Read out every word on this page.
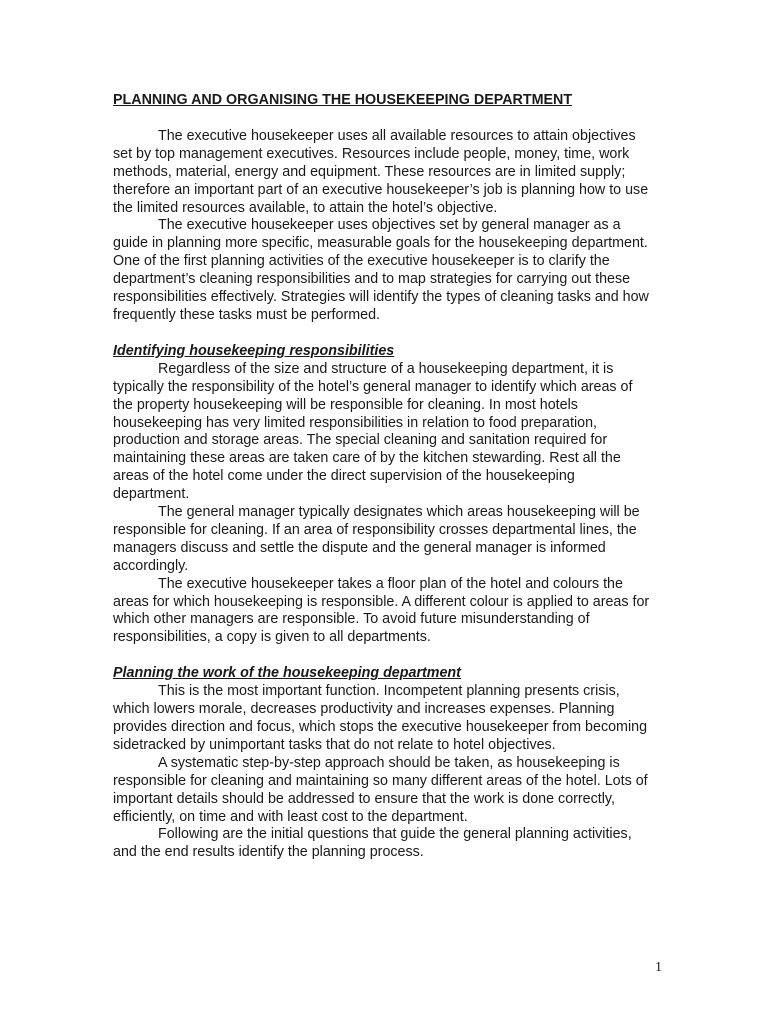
PLANNING AND ORGANISING THE HOUSEKEEPING DEPARTMENT

The executive housekeeper uses all available resources to attain objectives set by top management executives. Resources include people, money, time, work methods, material, energy and equipment. These resources are in limited supply; therefore an important part of an executive housekeeper’s job is planning how to use the limited resources available, to attain the hotel’s objective.

The executive housekeeper uses objectives set by general manager as a guide in planning more specific, measurable goals for the housekeeping department. One of the first planning activities of the executive housekeeper is to clarify the department’s cleaning responsibilities and to map strategies for carrying out these responsibilities effectively. Strategies will identify the types of cleaning tasks and how frequently these tasks must be performed.

Identifying housekeeping responsibilities

Regardless of the size and structure of a housekeeping department, it is typically the responsibility of the hotel’s general manager to identify which areas of the property housekeeping will be responsible for cleaning. In most hotels housekeeping has very limited responsibilities in relation to food preparation, production and storage areas. The special cleaning and sanitation required for maintaining these areas are taken care of by the kitchen stewarding. Rest all the areas of the hotel come under the direct supervision of the housekeeping department.

The general manager typically designates which areas housekeeping will be responsible for cleaning. If an area of responsibility crosses departmental lines, the managers discuss and settle the dispute and the general manager is informed accordingly.

The executive housekeeper takes a floor plan of the hotel and colours the areas for which housekeeping is responsible. A different colour is applied to areas for which other managers are responsible. To avoid future misunderstanding of responsibilities, a copy is given to all departments.

Planning the work of the housekeeping department

This is the most important function. Incompetent planning presents crisis, which lowers morale, decreases productivity and increases expenses. Planning provides direction and focus, which stops the executive housekeeper from becoming sidetracked by unimportant tasks that do not relate to hotel objectives.

A systematic step-by-step approach should be taken, as housekeeping is responsible for cleaning and maintaining so many different areas of the hotel. Lots of important details should be addressed to ensure that the work is done correctly, efficiently, on time and with least cost to the department.

Following are the initial questions that guide the general planning activities, and the end results identify the planning process.

1
